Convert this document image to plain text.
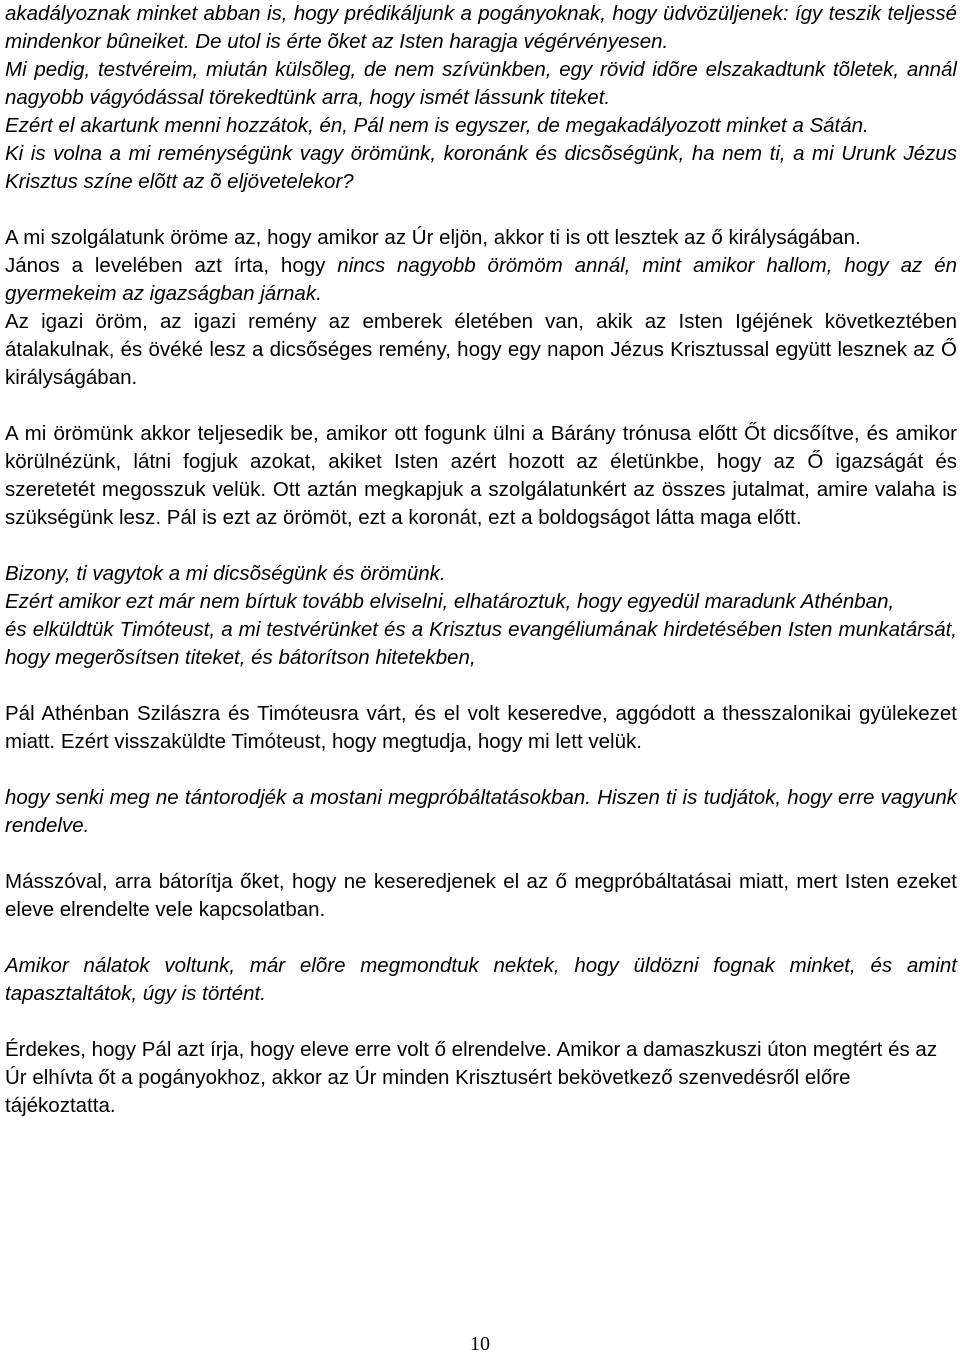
akadályoznak minket abban is, hogy prédikáljunk a pogányoknak, hogy üdvözüljenek: így teszik teljessé mindenkor bûneiket. De utol is érte õket az Isten haragja végérvényesen.

Mi pedig, testvéreim, miután külsõleg, de nem szívünkben, egy rövid idõre elszakadtunk tõletek, annál nagyobb vágyódással törekedtünk arra, hogy ismét lássunk titeket.

Ezért el akartunk menni hozzátok, én, Pál nem is egyszer, de megakadályozott minket a Sátán.

Ki is volna a mi reménységünk vagy örömünk, koronánk és dicsõségünk, ha nem ti, a mi Urunk Jézus Krisztus színe elõtt az õ eljövetelekor?

A mi szolgálatunk öröme az, hogy amikor az Úr eljön, akkor ti is ott lesztek az ő királyságában.

János a levelében azt írta, hogy nincs nagyobb örömöm annál, mint amikor hallom, hogy az én gyermekeim az igazságban járnak.

Az igazi öröm, az igazi remény az emberek életében van, akik az Isten Igéjének következtében átalakulnak, és övéké lesz a dicsőséges remény, hogy egy napon Jézus Krisztussal együtt lesznek az Ő királyságában.

A mi örömünk akkor teljesedik be, amikor ott fogunk ülni a Bárány trónusa előtt Őt dicsőítve, és amikor körülnézünk, látni fogjuk azokat, akiket Isten azért hozott az életünkbe, hogy az Ő igazságát és szeretetét megosszuk velük. Ott aztán megkapjuk a szolgálatunkért az összes jutalmat, amire valaha is szükségünk lesz. Pál is ezt az örömöt, ezt a koronát, ezt a boldogságot látta maga előtt.

Bizony, ti vagytok a mi dicsõségünk és örömünk.

Ezért amikor ezt már nem bírtuk tovább elviselni, elhatároztuk, hogy egyedül maradunk Athénban,

és elküldtük Timóteust, a mi testvérünket és a Krisztus evangéliumának hirdetésében Isten munkatársát, hogy megerõsítsen titeket, és bátorítson hitetekben,

Pál Athénban Szilászra és Timóteusra várt, és el volt keseredve, aggódott a thesszalonikai gyülekezet miatt. Ezért visszaküldte Timóteust, hogy megtudja, hogy mi lett velük.

hogy senki meg ne tántorodjék a mostani megpróbáltatásokban. Hiszen ti is tudjátok, hogy erre vagyunk rendelve.

Másszóval, arra bátorítja őket, hogy ne keseredjenek el az ő megpróbáltatásai miatt, mert Isten ezeket eleve elrendelte vele kapcsolatban.

Amikor nálatok voltunk, már elõre megmondtuk nektek, hogy üldözni fognak minket, és amint tapasztaltátok, úgy is történt.

Érdekes, hogy Pál azt írja, hogy eleve erre volt ő elrendelve. Amikor a damaszkuszi úton megtért és az Úr elhívta őt a pogányokhoz, akkor az Úr minden Krisztusért bekövetkező szenvedésről előre tájékoztatta.

10
